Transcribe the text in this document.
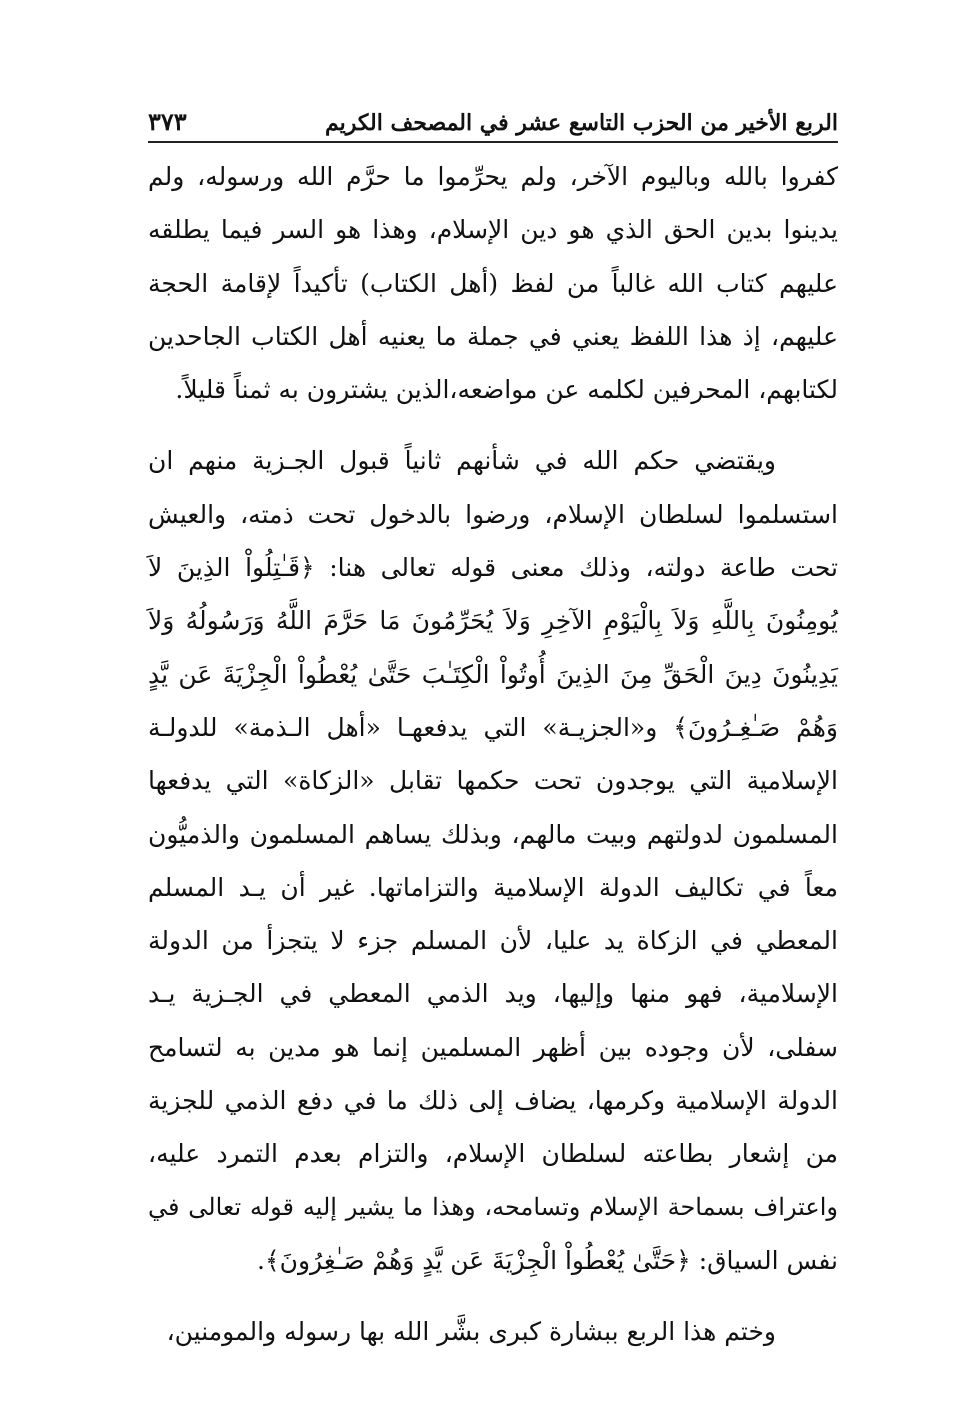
الربع الأخير من الحزب التاسع عشر في المصحف الكريم
٣٧٣
كفروا بالله وباليوم الآخر، ولم يحرِّموا ما حرَّم الله ورسوله، ولم
يدينوا بدين الحق الذي هو دين الإسلام، وهذا هو السر فيما يطلقه
عليهم كتاب الله غالباً من لفظ (أهل الكتاب) تأكيداً لإقامة الحجة
عليهم، إذ هذا اللفظ يعني في جملة ما يعنيه أهل الكتاب الجاحدين
لكتابهم، المحرفين لكلمه عن مواضعه،الذين يشترون به ثمناً قليلاً.
ويقتضي حكم الله في شأنهم ثانياً قبول الجـزية منهم ان
استسلموا لسلطان الإسلام، ورضوا بالدخول تحت ذمته، والعيش
تحت طاعة دولته، وذلك معنى قوله تعالى هنا: ﴿قَـٰتِلُواْ الذِينَ لاَ
يُومِنُونَ بِاللَّهِ وَلاَ بِالْيَوْمِ الآخِرِ وَلاَ يُحَرِّمُونَ مَا حَرَّمَ اللَّهُ وَرَسُولُهُ وَلاَ
يَدِينُونَ دِينَ الْحَقِّ مِنَ الذِينَ أُوتُواْ الْكِتَـٰبَ حَتَّىٰ يُعْطُواْ الْجِزْيَةَ عَن يَّدٍ
وَهُمْ صَـٰغِـرُونَ﴾ و«الجزيـة» التي يدفعهـا «أهل الـذمة» للدولـة
الإسلامية التي يوجدون تحت حكمها تقابل «الزكاة» التي يدفعها
المسلمون لدولتهم وبيت مالهم، وبذلك يساهم المسلمون والذميُّون
معاً في تكاليف الدولة الإسلامية والتزاماتها. غير أن يـد المسلم
المعطي في الزكاة يد عليا، لأن المسلم جزء لا يتجزأ من الدولة
الإسلامية، فهو منها وإليها، ويد الذمي المعطي في الجـزية يـد
سفلى، لأن وجوده بين أظهر المسلمين إنما هو مدين به لتسامح
الدولة الإسلامية وكرمها، يضاف إلى ذلك ما في دفع الذمي للجزية
من إشعار بطاعته لسلطان الإسلام، والتزام بعدم التمرد عليه،
واعتراف بسماحة الإسلام وتسامحه، وهذا ما يشير إليه قوله تعالى في
نفس السياق: ﴿حَتَّىٰ يُعْطُواْ الْجِزْيَةَ عَن يَّدٍ وَهُمْ صَـٰغِرُونَ﴾.
وختم هذا الربع ببشارة كبرى بشَّر الله بها رسوله والمومنين،
